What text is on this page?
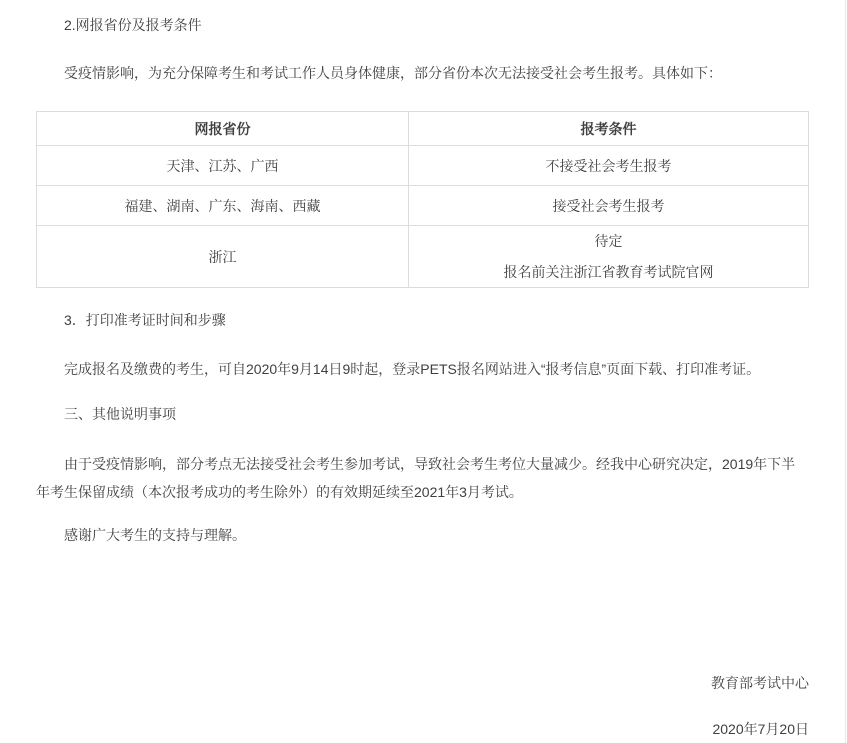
2.网报省份及报考条件

受疫情影响，为充分保障考生和考试工作人员身体健康，部分省份本次无法接受社会考生报考。具体如下：

网报省份	报考条件
天津、江苏、广西	不接受社会考生报考
福建、湖南、广东、海南、西藏	接受社会考生报考
浙江	待定
报名前关注浙江省教育考试院官网

3．打印准考证时间和步骤

完成报名及缴费的考生，可自2020年9月14日9时起，登录PETS报名网站进入“报考信息”页面下载、打印准考证。

三、其他说明事项

由于受疫情影响，部分考点无法接受社会考生参加考试，导致社会考生考位大量减少。经我中心研究决定，2019年下半年考生保留成绩（本次报考成功的考生除外）的有效期延续至2021年3月考试。

感谢广大考生的支持与理解。

教育部考试中心

2020年7月20日
